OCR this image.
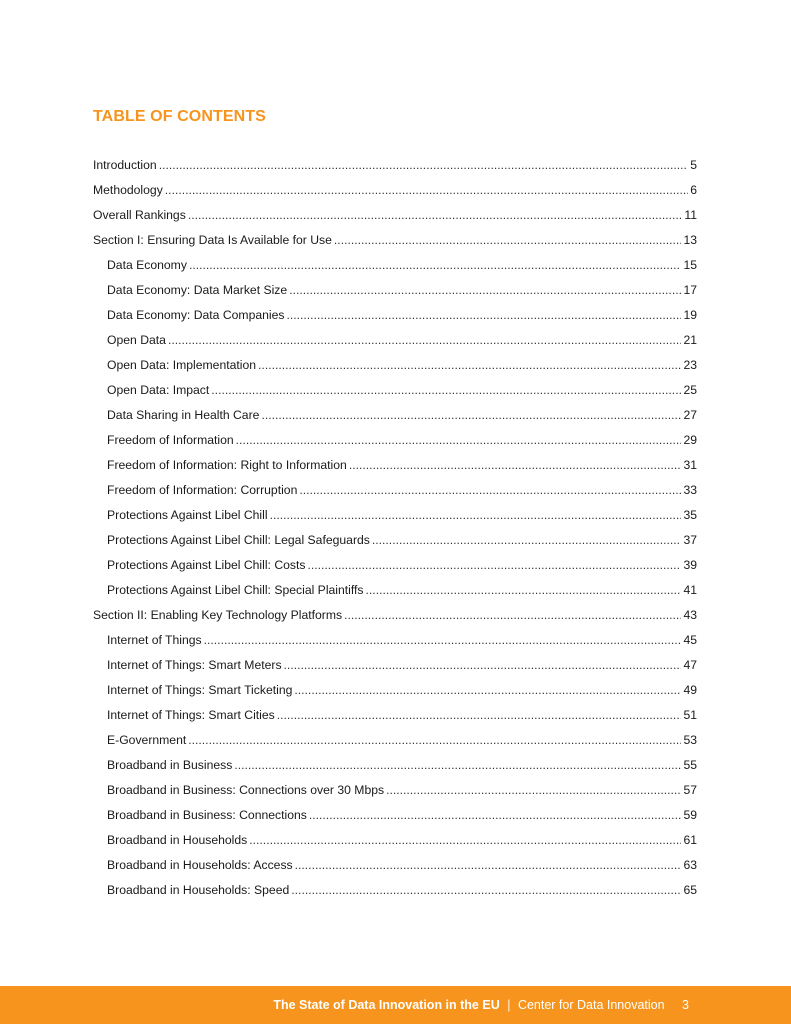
TABLE OF CONTENTS
Introduction .....	5
Methodology .....	6
Overall Rankings .....	11
Section I: Ensuring Data Is Available for Use .....	13
Data Economy .....	15
Data Economy: Data Market Size .....	17
Data Economy: Data Companies .....	19
Open Data .....	21
Open Data: Implementation .....	23
Open Data: Impact .....	25
Data Sharing in Health Care .....	27
Freedom of Information .....	29
Freedom of Information: Right to Information .....	31
Freedom of Information: Corruption .....	33
Protections Against Libel Chill .....	35
Protections Against Libel Chill: Legal Safeguards .....	37
Protections Against Libel Chill: Costs .....	39
Protections Against Libel Chill: Special Plaintiffs .....	41
Section II: Enabling Key Technology Platforms .....	43
Internet of Things .....	45
Internet of Things: Smart Meters .....	47
Internet of Things: Smart Ticketing .....	49
Internet of Things: Smart Cities .....	51
E-Government .....	53
Broadband in Business .....	55
Broadband in Business: Connections over 30 Mbps .....	57
Broadband in Business: Connections .....	59
Broadband in Households .....	61
Broadband in Households: Access .....	63
Broadband in Households: Speed .....	65
The State of Data Innovation in the EU | Center for Data Innovation 3
